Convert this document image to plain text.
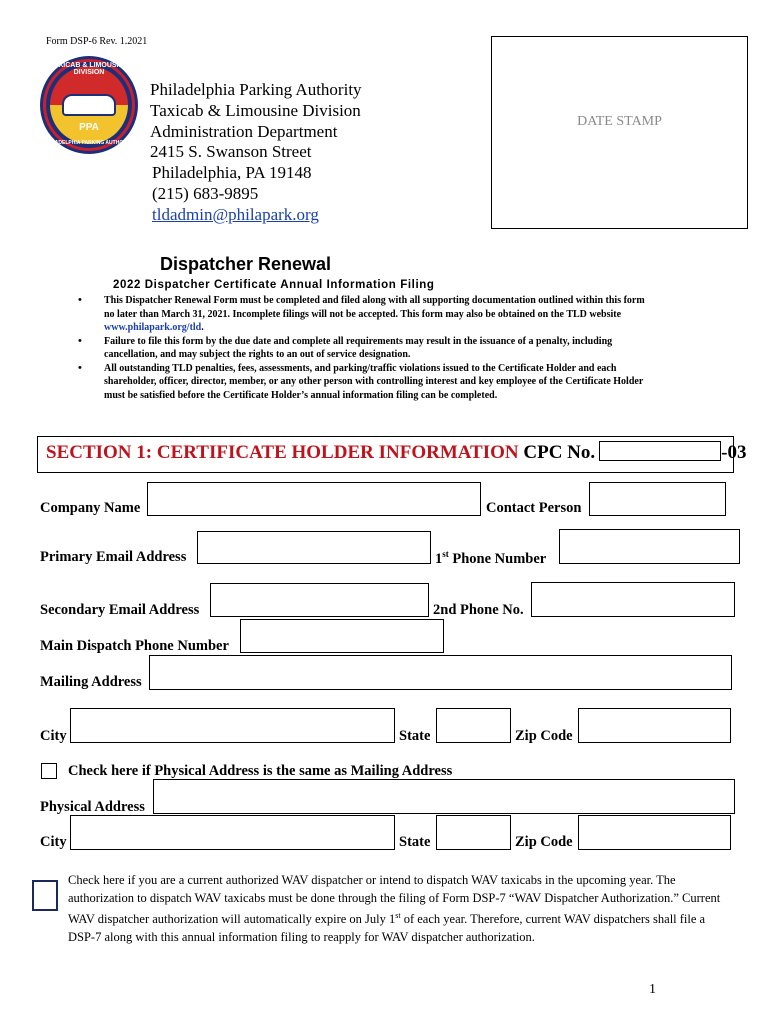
Form DSP-6 Rev. 1.2021
TAXICAB & LIMOUSINE DIVISION
PPA
PHILADELPHIA PARKING AUTHORITY
Philadelphia Parking Authority
Taxicab & Limousine Division
Administration Department
2415 S. Swanson Street
Philadelphia, PA 19148
(215) 683-9895
tldadmin@philapark.org
DATE STAMP
Dispatcher Renewal
2022 Dispatcher Certificate Annual Information Filing
• This Dispatcher Renewal Form must be completed and filed along with all supporting documentation outlined within this form no later than March 31, 2021. Incomplete filings will not be accepted. This form may also be obtained on the TLD website www.philapark.org/tld.
• Failure to file this form by the due date and complete all requirements may result in the issuance of a penalty, including cancellation, and may subject the rights to an out of service designation.
• All outstanding TLD penalties, fees, assessments, and parking/traffic violations issued to the Certificate Holder and each shareholder, officer, director, member, or any other person with controlling interest and key employee of the Certificate Holder must be satisfied before the Certificate Holder’s annual information filing can be completed.
SECTION 1: CERTIFICATE HOLDER INFORMATION CPC No.	-03
Company Name	Contact Person
Primary Email Address	1st Phone Number
Secondary Email Address	2nd Phone No.
Main Dispatch Phone Number
Mailing Address
City	State	Zip Code
Check here if Physical Address is the same as Mailing Address
Physical Address
City	State	Zip Code
Check here if you are a current authorized WAV dispatcher or intend to dispatch WAV taxicabs in the upcoming year. The authorization to dispatch WAV taxicabs must be done through the filing of Form DSP-7 “WAV Dispatcher Authorization.” Current WAV dispatcher authorization will automatically expire on July 1st of each year. Therefore, current WAV dispatchers shall file a DSP-7 along with this annual information filing to reapply for WAV dispatcher authorization.
1
